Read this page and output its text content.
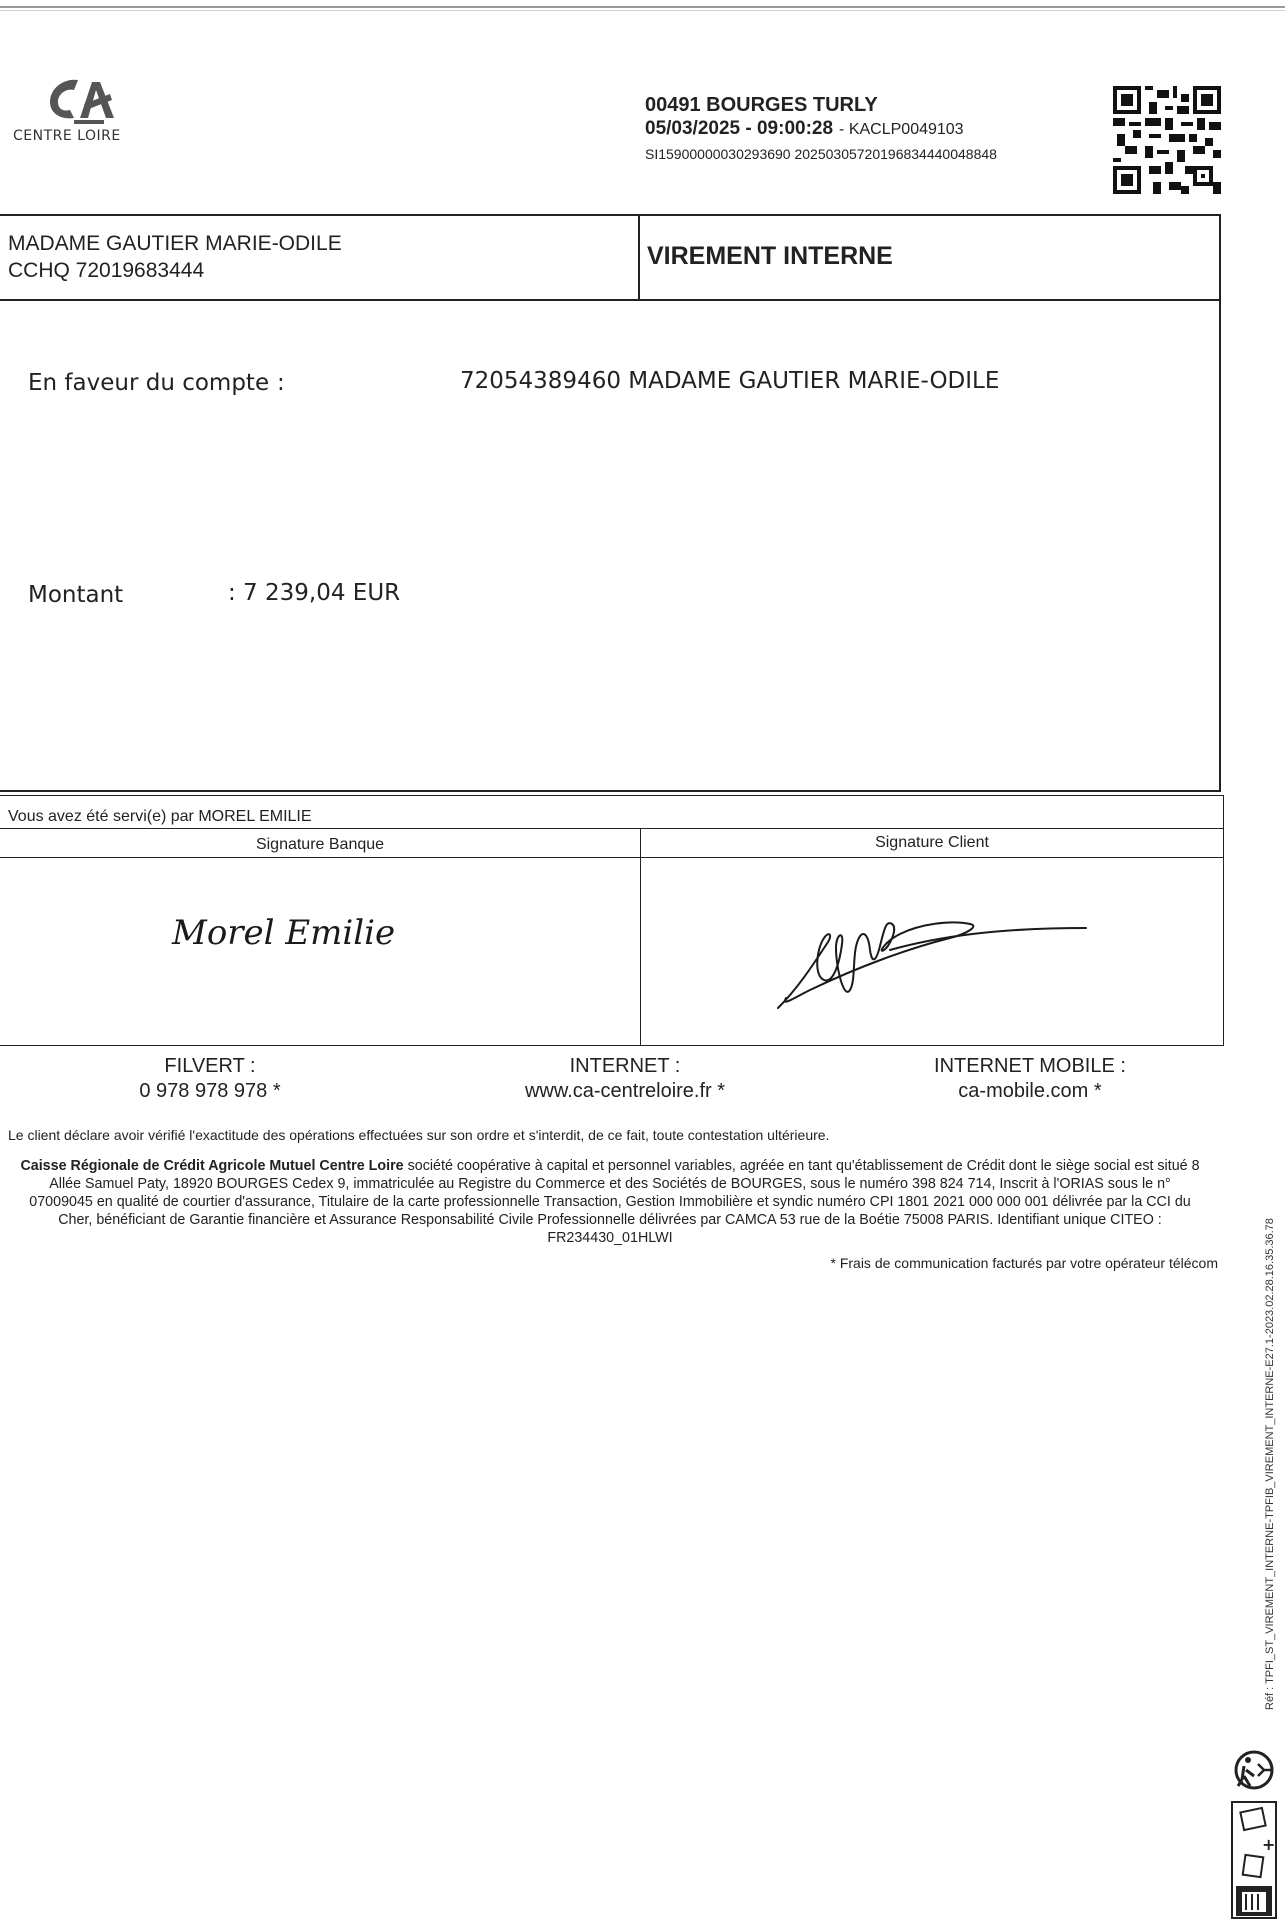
CENTRE LOIRE
00491 BOURGES TURLY
05/03/2025 - 09:00:28 - KACLP0049103
SI15900000030293690 20250305720196834440048848
MADAME GAUTIER MARIE-ODILE
CCHQ 72019683444
VIREMENT INTERNE
En faveur du compte :	72054389460 MADAME GAUTIER MARIE-ODILE
Montant	: 7 239,04 EUR
Vous avez été servi(e) par MOREL EMILIE
Signature Banque	Signature Client
Morel Emilie
FILVERT :
0 978 978 978 *
INTERNET :
www.ca-centreloire.fr *
INTERNET MOBILE :
ca-mobile.com *
Le client déclare avoir vérifié l'exactitude des opérations effectuées sur son ordre et s'interdit, de ce fait, toute contestation ultérieure.
Caisse Régionale de Crédit Agricole Mutuel Centre Loire société coopérative à capital et personnel variables, agréée en tant qu'établissement de Crédit dont le siège social est situé 8 Allée Samuel Paty, 18920 BOURGES Cedex 9, immatriculée au Registre du Commerce et des Sociétés de BOURGES, sous le numéro 398 824 714, Inscrit à l'ORIAS sous le n° 07009045 en qualité de courtier d'assurance, Titulaire de la carte professionnelle Transaction, Gestion Immobilière et syndic numéro CPI 1801 2021 000 000 001 délivrée par la CCI du Cher, bénéficiant de Garantie financière et Assurance Responsabilité Civile Professionnelle délivrées par CAMCA 53 rue de la Boétie 75008 PARIS. Identifiant unique CITEO : FR234430_01HLWI
* Frais de communication facturés par votre opérateur télécom	Réf : TPFI_ST_VIREMENT_INTERNE-TPFIB_VIREMENT_INTERNE-E27.1-2023.02.28.16.35.36.78
+
